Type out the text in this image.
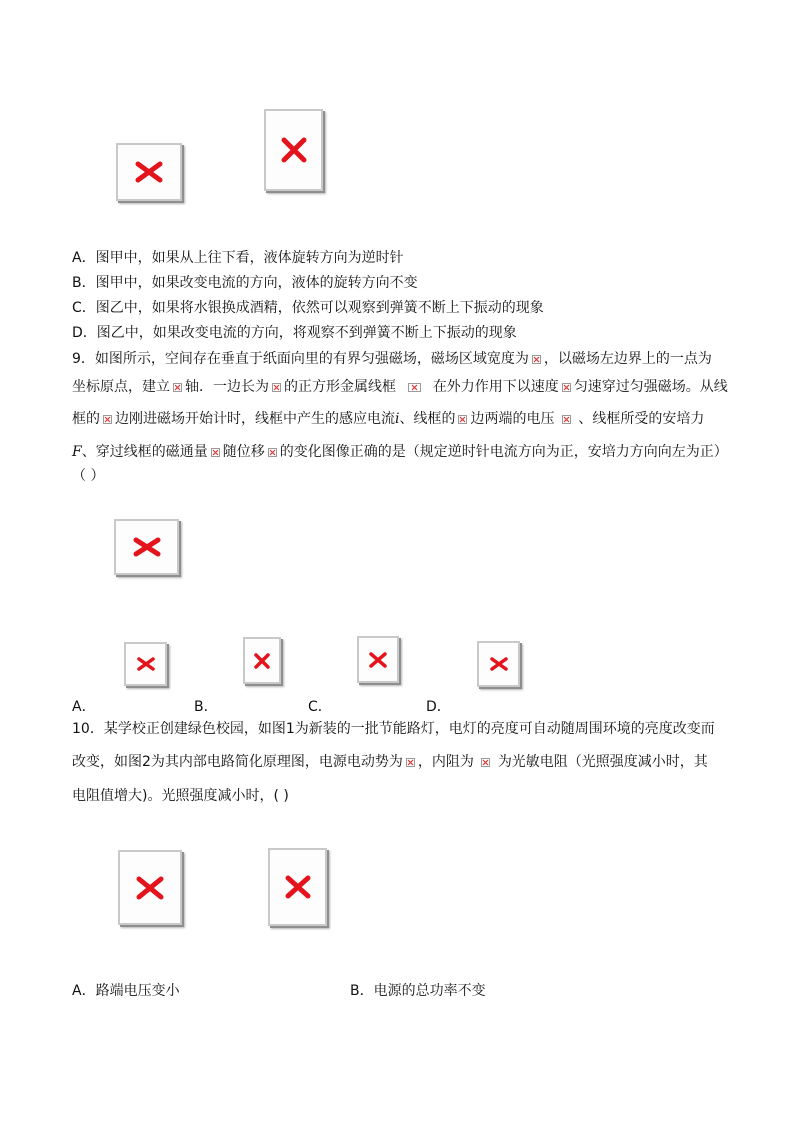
A．图甲中，如果从上往下看，液体旋转方向为逆时针
B．图甲中，如果改变电流的方向，液体的旋转方向不变
C．图乙中，如果将水银换成酒精，依然可以观察到弹簧不断上下振动的现象
D．图乙中，如果改变电流的方向，将观察不到弹簧不断上下振动的现象
9．如图所示，空间存在垂直于纸面向里的有界匀强磁场，磁场区域宽度为 ，以磁场左边界上的一点为
坐标原点，建立 轴．一边长为 的正方形金属线框	在外力作用下以速度 匀速穿过匀强磁场。从线
框的 边刚进磁场开始计时，线框中产生的感应电流i、线框的 边两端的电压 、线框所受的安培力
F、穿过线框的磁通量 随位移 的变化图像正确的是（规定逆时针电流方向为正，安培力方向向左为正）
（ ）
A．	B．	C．	D．
10．某学校正创建绿色校园，如图1为新装的一批节能路灯，电灯的亮度可自动随周围环境的亮度改变而
改变，如图2为其内部电路简化原理图，电源电动势为 ，内阻为 为光敏电阻（光照强度减小时，其
电阻值增大)。光照强度减小时，( )
A．路端电压变小	B．电源的总功率不变
